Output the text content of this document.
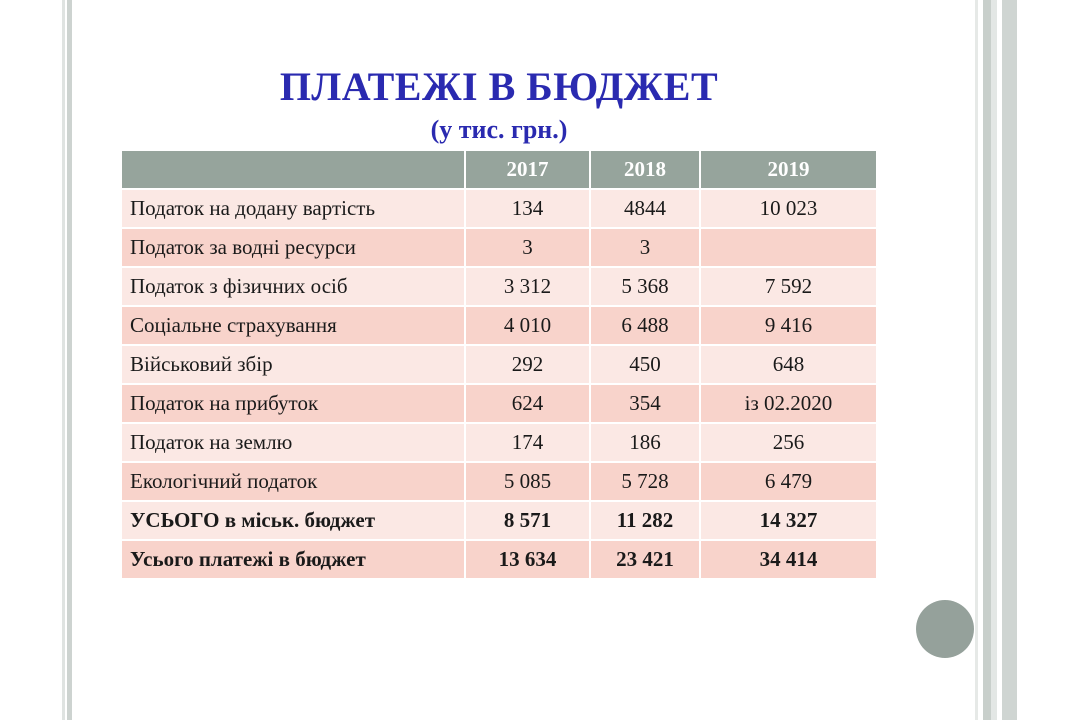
ПЛАТЕЖІ В БЮДЖЕТ
(у тис. грн.)
	2017	2018	2019
Податок на додану вартість	134	4844	10 023
Податок за водні ресурси	3	3	
Податок з фізичних осіб	3 312	5 368	7 592
Соціальне страхування	4 010	6 488	9 416
Військовий збір	292	450	648
Податок на прибуток	624	354	із 02.2020
Податок на землю	174	186	256
Екологічний податок	5 085	5 728	6 479
УСЬОГО в міськ. бюджет	8 571	11 282	14 327
Усього платежі в бюджет	13 634	23 421	34 414
